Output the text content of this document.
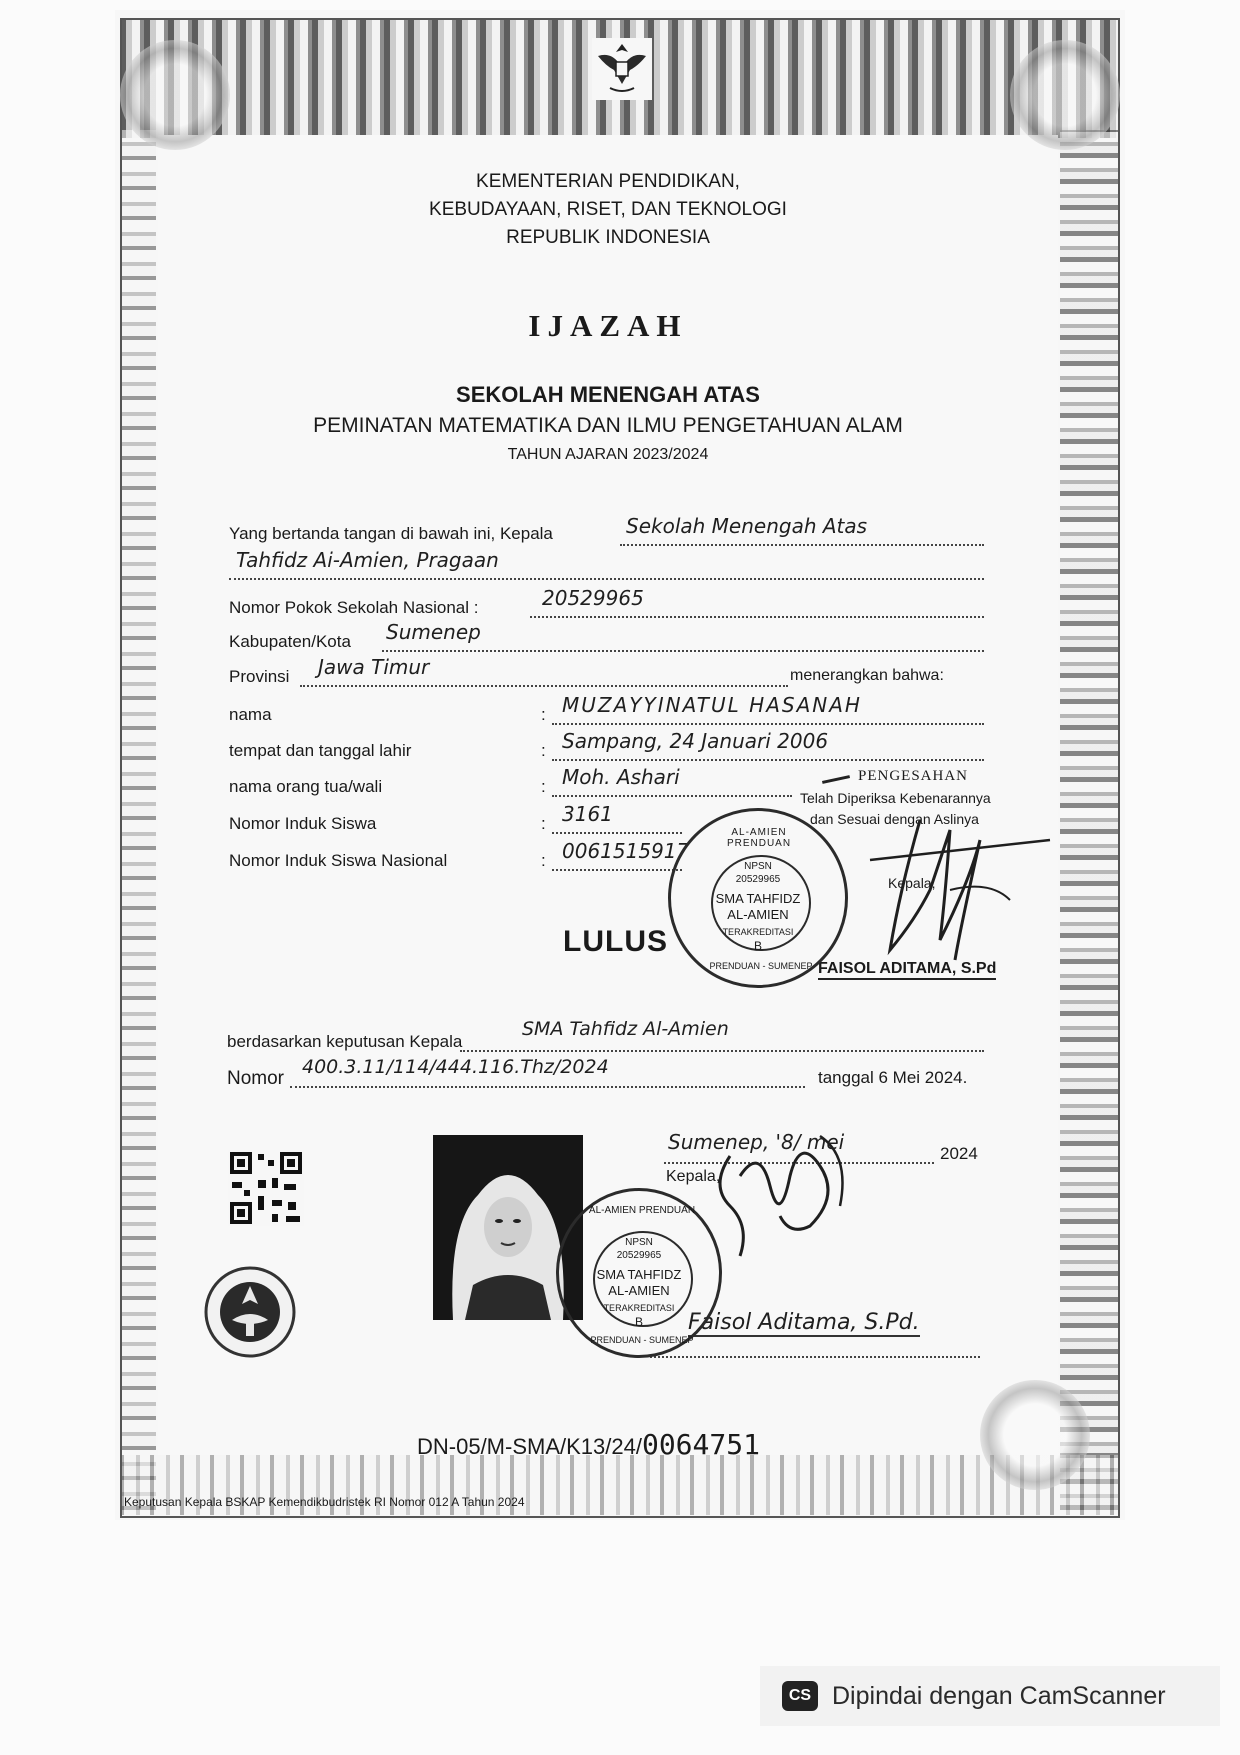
KEMENTERIAN PENDIDIKAN,
KEBUDAYAAN, RISET, DAN TEKNOLOGI
REPUBLIK INDONESIA
IJAZAH
SEKOLAH MENENGAH ATAS
PEMINATAN MATEMATIKA DAN ILMU PENGETAHUAN ALAM
TAHUN AJARAN 2023/2024
Yang bertanda tangan di bawah ini, Kepala	Sekolah Menengah Atas
Tahfidz Ai-Amien, Pragaan
Nomor Pokok Sekolah Nasional :	20529965
Kabupaten/Kota Sumenep
Provinsi Jawa Timur	menerangkan bahwa:
nama	: MUZAYYINATUL HASANAH
tempat dan tanggal lahir	: Sampang, 24 Januari 2006
nama orang tua/wali	: Moh. Ashari
Nomor Induk Siswa	: 3161
Nomor Induk Siswa Nasional	: 0061515917
PENGESAHAN
Telah Diperiksa Kebenarannya
dan Sesuai dengan Aslinya
Kepala,
FAISOL ADITAMA, S.Pd
AL-AMIEN PRENDUAN
NPSN
20529965
SMA TAHFIDZ
AL-AMIEN
TERAKREDITASI
B
PRENDUAN - SUMENEP
LULUS
berdasarkan keputusan Kepala
SMA Tahfidz Al-Amien
Nomor
400.3.11/114/444.116.Thz/2024	tanggal 6 Mei 2024.
Sumenep, '8/ mei	2024
Kepala,
Faisol Aditama, S.Pd.
AL-AMIEN PRENDUAN
NPSN
20529965
SMA TAHFIDZ
AL-AMIEN
TERAKREDITASI
B
PRENDUAN - SUMENEP
DN-05/M-SMA/K13/24/0064751
Keputusan Kepala BSKAP Kemendikbudristek RI Nomor 012 A Tahun 2024
CS Dipindai dengan CamScanner
